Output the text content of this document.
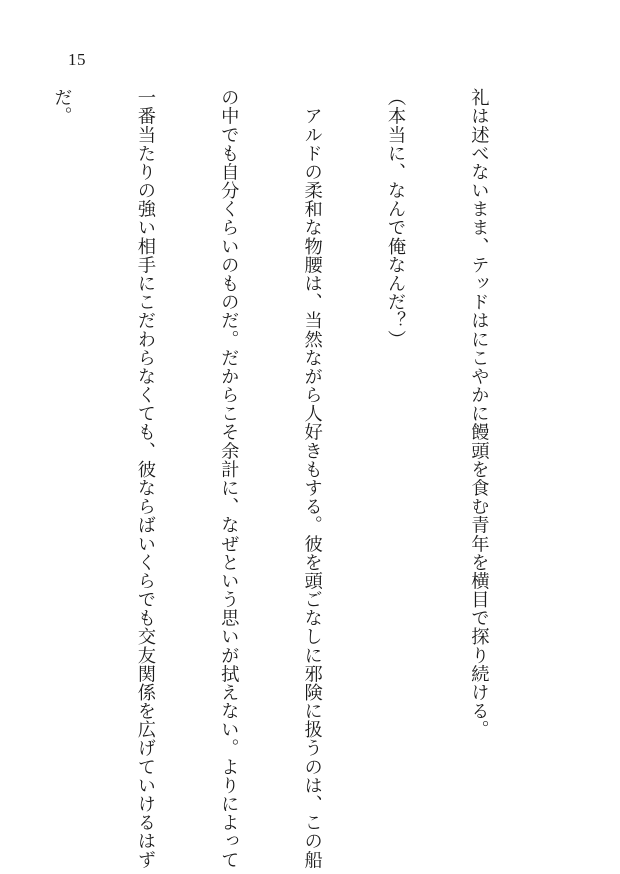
15

礼は述べないまま、テッドはにこやかに饅頭を食む青年を横目で探り続ける。

（本当に、なんで俺なんだ？）

　アルドの柔和な物腰は、当然ながら人好きもする。彼を頭ごなしに邪険に扱うのは、この船

の中でも自分くらいのものだ。だからこそ余計に、なぜという思いが拭えない。よりによって

一番当たりの強い相手にこだわらなくても、彼ならばいくらでも交友関係を広げていけるはず

だ。
